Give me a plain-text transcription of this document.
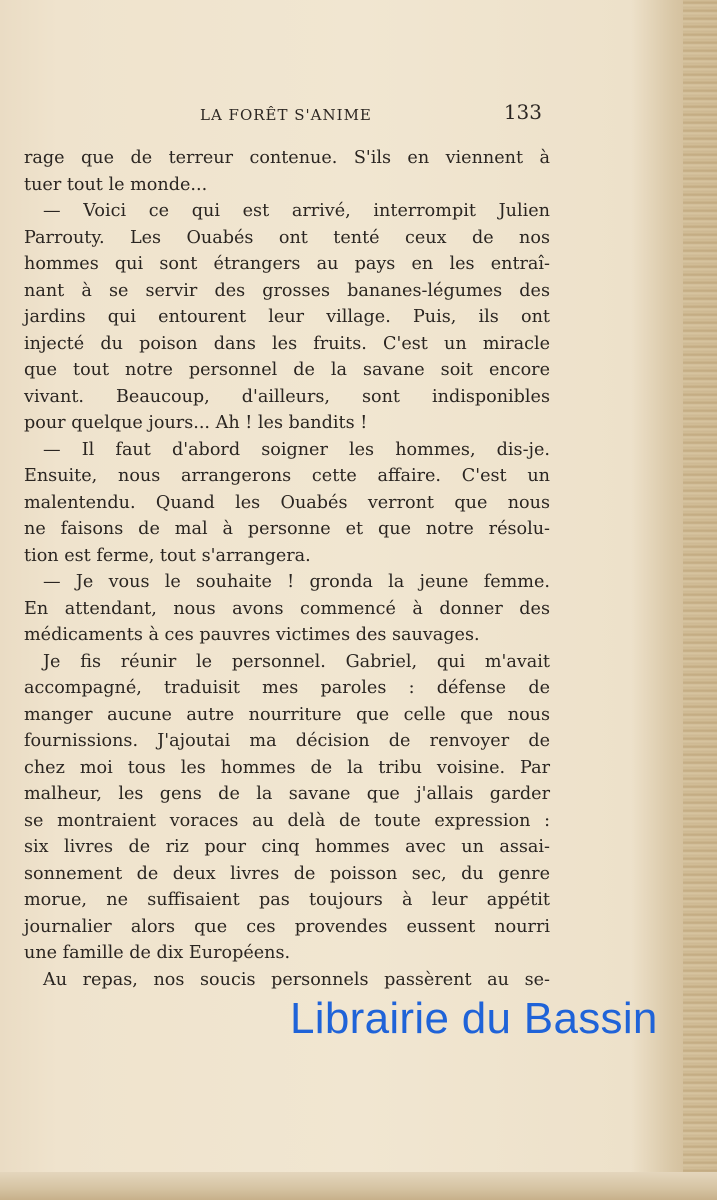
LA FORÊT S'ANIME	133
rage que de terreur contenue. S'ils en viennent à
tuer tout le monde...
— Voici ce qui est arrivé, interrompit Julien
Parrouty. Les Ouabés ont tenté ceux de nos
hommes qui sont étrangers au pays en les entraî-
nant à se servir des grosses bananes-légumes des
jardins qui entourent leur village. Puis, ils ont
injecté du poison dans les fruits. C'est un miracle
que tout notre personnel de la savane soit encore
vivant. Beaucoup, d'ailleurs, sont indisponibles
pour quelque jours... Ah ! les bandits !
— Il faut d'abord soigner les hommes, dis-je.
Ensuite, nous arrangerons cette affaire. C'est un
malentendu. Quand les Ouabés verront que nous
ne faisons de mal à personne et que notre résolu-
tion est ferme, tout s'arrangera.
— Je vous le souhaite ! gronda la jeune femme.
En attendant, nous avons commencé à donner des
médicaments à ces pauvres victimes des sauvages.
Je fis réunir le personnel. Gabriel, qui m'avait
accompagné, traduisit mes paroles : défense de
manger aucune autre nourriture que celle que nous
fournissions. J'ajoutai ma décision de renvoyer de
chez moi tous les hommes de la tribu voisine. Par
malheur, les gens de la savane que j'allais garder
se montraient voraces au delà de toute expression :
six livres de riz pour cinq hommes avec un assai-
sonnement de deux livres de poisson sec, du genre
morue, ne suffisaient pas toujours à leur appétit
journalier alors que ces provendes eussent nourri
une famille de dix Européens.
Au repas, nos soucis personnels passèrent au se-
Librairie du Bassin
